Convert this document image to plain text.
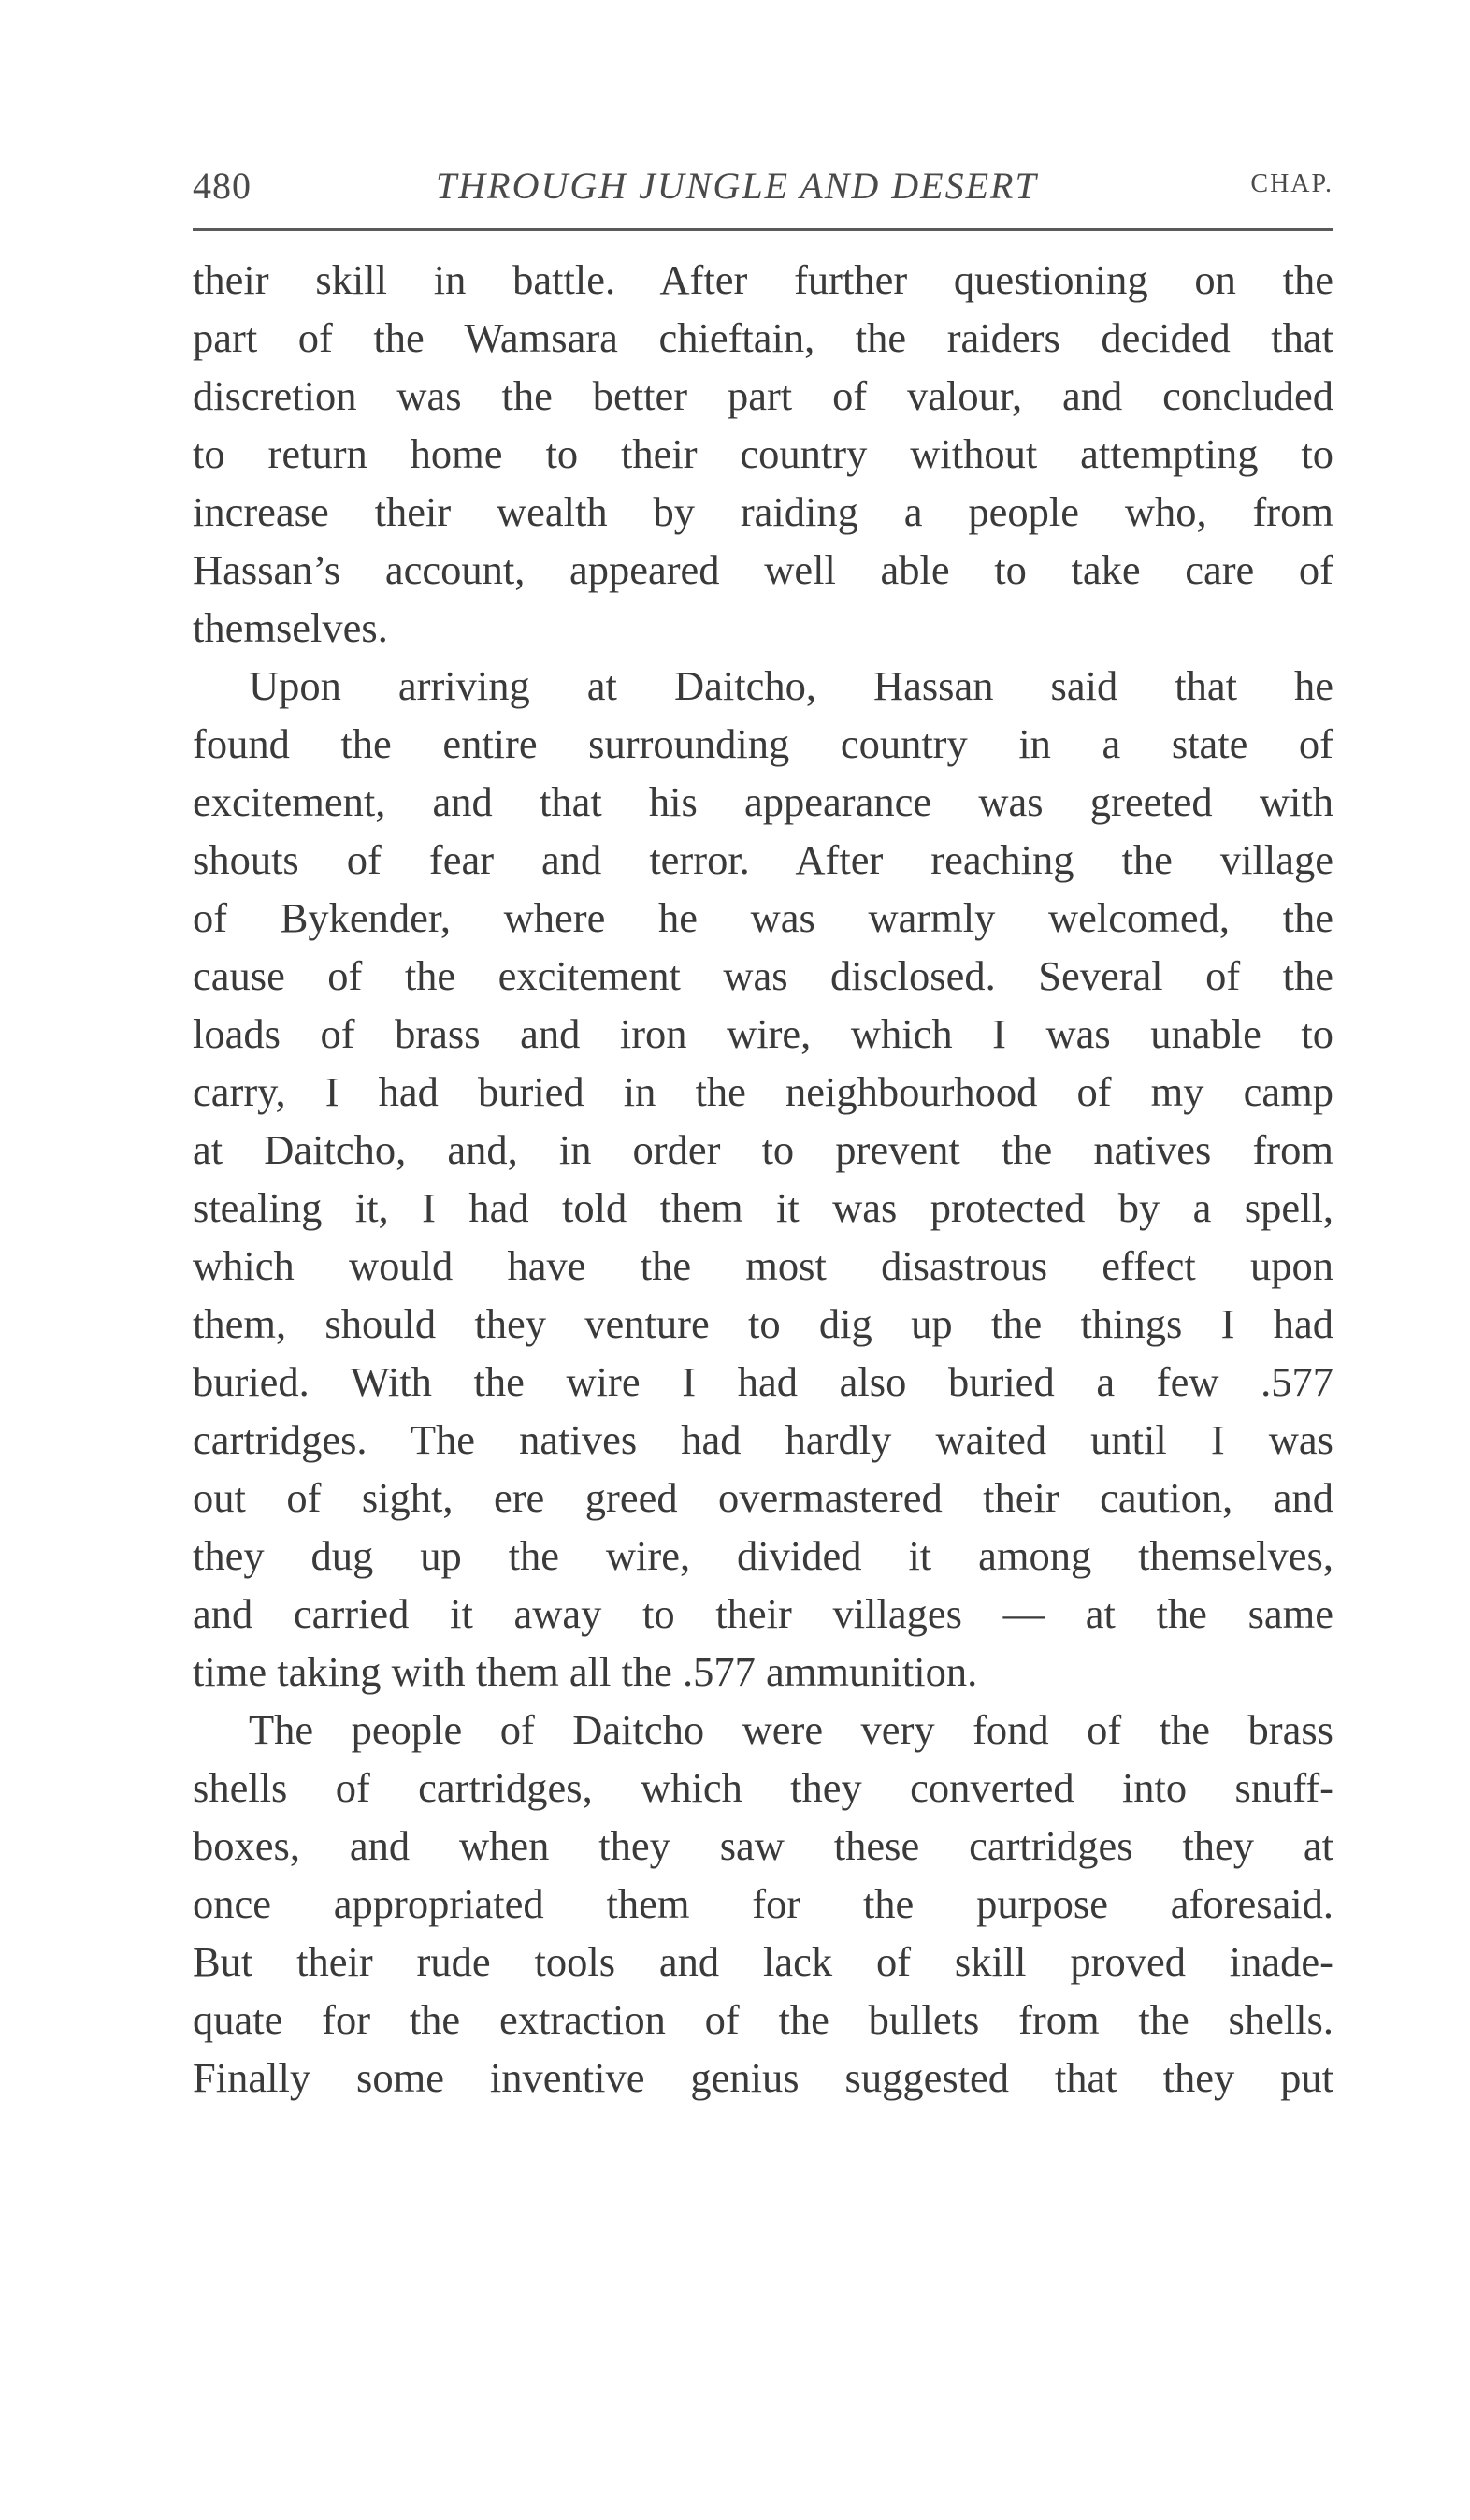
480	THROUGH JUNGLE AND DESERT	CHAP.

their skill in battle. After further questioning on the
part of the Wamsara chieftain, the raiders decided that
discretion was the better part of valour, and concluded
to return home to their country without attempting to
increase their wealth by raiding a people who, from
Hassan’s account, appeared well able to take care of
themselves.

Upon arriving at Daitcho, Hassan said that he
found the entire surrounding country in a state of
excitement, and that his appearance was greeted with
shouts of fear and terror. After reaching the village
of Bykender, where he was warmly welcomed, the
cause of the excitement was disclosed. Several of the
loads of brass and iron wire, which I was unable to
carry, I had buried in the neighbourhood of my camp
at Daitcho, and, in order to prevent the natives from
stealing it, I had told them it was protected by a spell,
which would have the most disastrous effect upon
them, should they venture to dig up the things I had
buried. With the wire I had also buried a few .577
cartridges. The natives had hardly waited until I was
out of sight, ere greed overmastered their caution, and
they dug up the wire, divided it among themselves,
and carried it away to their villages — at the same
time taking with them all the .577 ammunition.

The people of Daitcho were very fond of the brass
shells of cartridges, which they converted into snuff-
boxes, and when they saw these cartridges they at
once appropriated them for the purpose aforesaid.
But their rude tools and lack of skill proved inade-
quate for the extraction of the bullets from the shells.
Finally some inventive genius suggested that they put
